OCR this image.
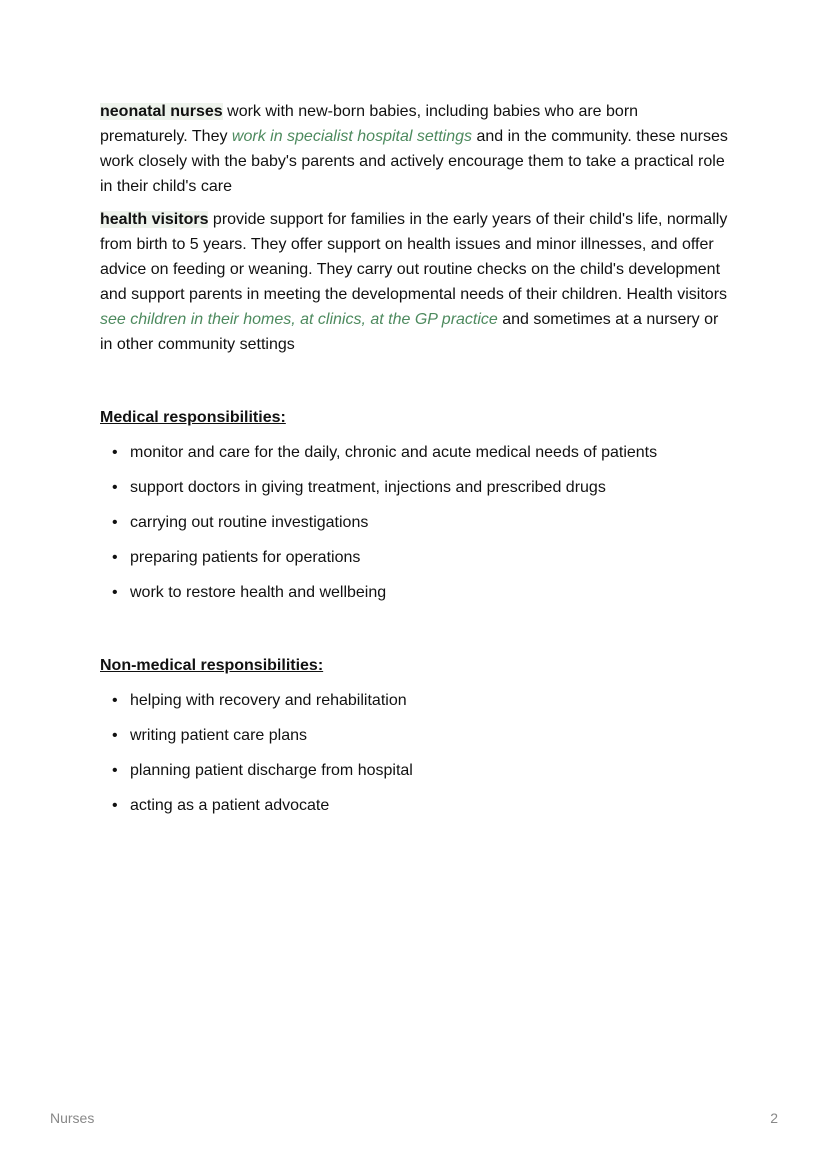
neonatal nurses work with new-born babies, including babies who are born prematurely. They work in specialist hospital settings and in the community. these nurses work closely with the baby's parents and actively encourage them to take a practical role in their child's care

health visitors provide support for families in the early years of their child's life, normally from birth to 5 years. They offer support on health issues and minor illnesses, and offer advice on feeding or weaning. They carry out routine checks on the child's development and support parents in meeting the developmental needs of their children. Health visitors see children in their homes, at clinics, at the GP practice and sometimes at a nursery or in other community settings

Medical responsibilities:
• monitor and care for the daily, chronic and acute medical needs of patients
• support doctors in giving treatment, injections and prescribed drugs
• carrying out routine investigations
• preparing patients for operations
• work to restore health and wellbeing
Non-medical responsibilities:
• helping with recovery and rehabilitation
• writing patient care plans
• planning patient discharge from hospital
• acting as a patient advocate
Nurses	2
